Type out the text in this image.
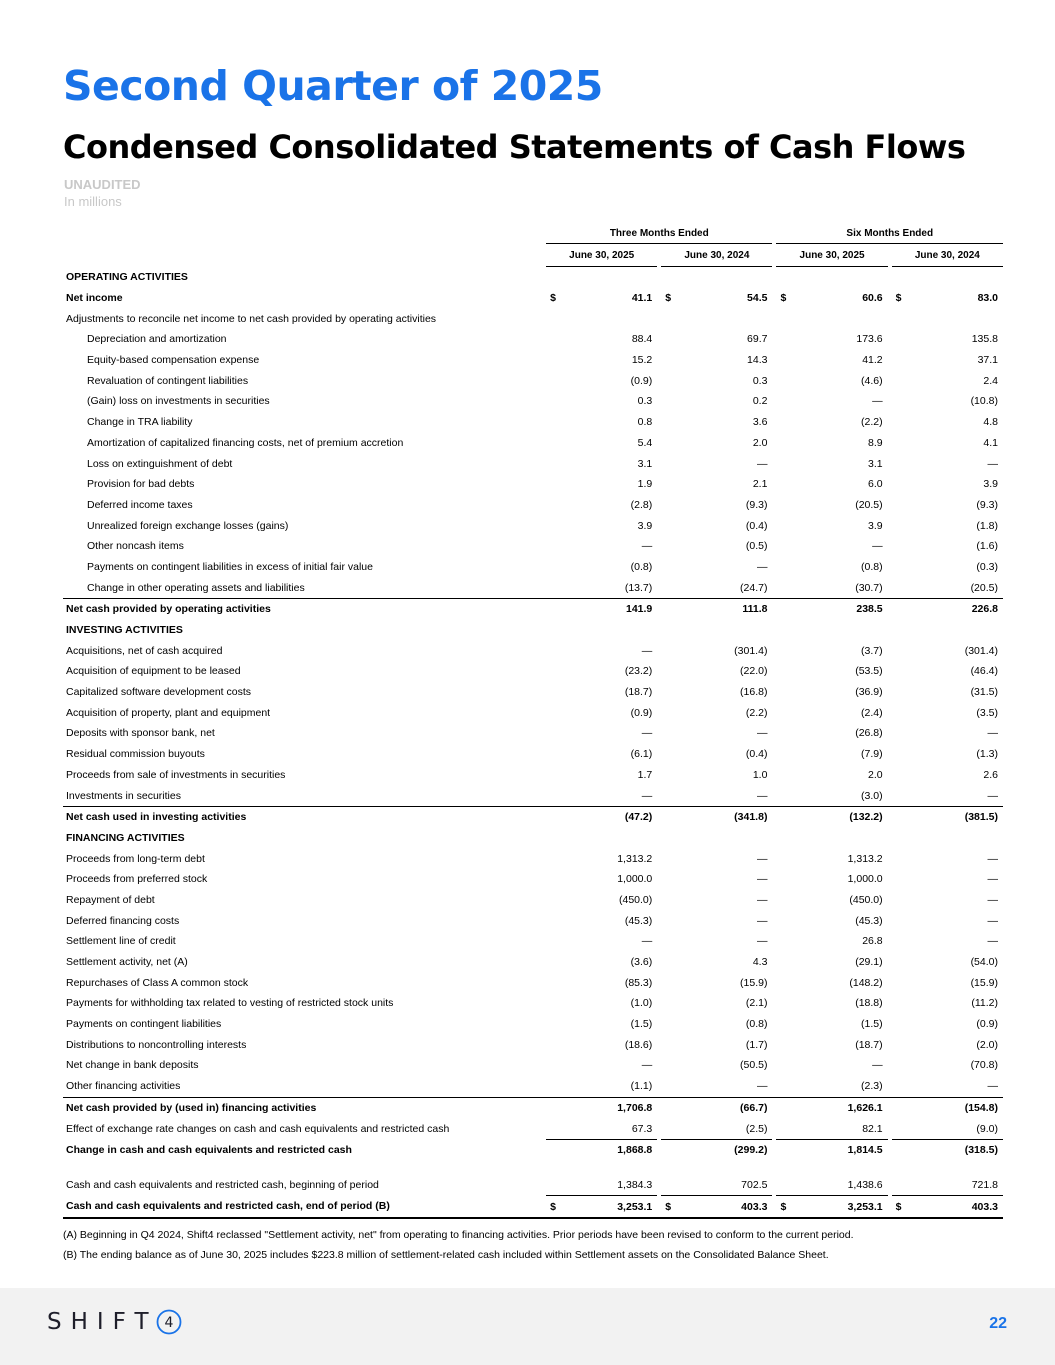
Second Quarter of 2025
Condensed Consolidated Statements of Cash Flows
UNAUDITED
In millions
		Three Months Ended						Six Months Ended				
		June 30, 2025			June 30, 2024			June 30, 2025			June 30, 2024	
OPERATING ACTIVITIES												
Net income		$	41.1		$	54.5		$	60.6		$	83.0
Adjustments to reconcile net income to net cash provided by operating activities												
Depreciation and amortization			88.4			69.7			173.6			135.8
Equity-based compensation expense			15.2			14.3			41.2			37.1
Revaluation of contingent liabilities			(0.9)			0.3			(4.6)			2.4
(Gain) loss on investments in securities			0.3			0.2			—			(10.8)
Change in TRA liability			0.8			3.6			(2.2)			4.8
Amortization of capitalized financing costs, net of premium accretion			5.4			2.0			8.9			4.1
Loss on extinguishment of debt			3.1			—			3.1			—
Provision for bad debts			1.9			2.1			6.0			3.9
Deferred income taxes			(2.8)			(9.3)			(20.5)			(9.3)
Unrealized foreign exchange losses (gains)			3.9			(0.4)			3.9			(1.8)
Other noncash items			—			(0.5)			—			(1.6)
Payments on contingent liabilities in excess of initial fair value			(0.8)			—			(0.8)			(0.3)
Change in other operating assets and liabilities			(13.7)			(24.7)			(30.7)			(20.5)
Net cash provided by operating activities			141.9			111.8			238.5			226.8
INVESTING ACTIVITIES												
Acquisitions, net of cash acquired			—			(301.4)			(3.7)			(301.4)
Acquisition of equipment to be leased			(23.2)			(22.0)			(53.5)			(46.4)
Capitalized software development costs			(18.7)			(16.8)			(36.9)			(31.5)
Acquisition of property, plant and equipment			(0.9)			(2.2)			(2.4)			(3.5)
Deposits with sponsor bank, net			—			—			(26.8)			—
Residual commission buyouts			(6.1)			(0.4)			(7.9)			(1.3)
Proceeds from sale of investments in securities			1.7			1.0			2.0			2.6
Investments in securities			—			—			(3.0)			—
Net cash used in investing activities			(47.2)			(341.8)			(132.2)			(381.5)
FINANCING ACTIVITIES												
Proceeds from long-term debt			1,313.2			—			1,313.2			—
Proceeds from preferred stock			1,000.0			—			1,000.0			—
Repayment of debt			(450.0)			—			(450.0)			—
Deferred financing costs			(45.3)			—			(45.3)			—
Settlement line of credit			—			—			26.8			—
Settlement activity, net (A)			(3.6)			4.3			(29.1)			(54.0)
Repurchases of Class A common stock			(85.3)			(15.9)			(148.2)			(15.9)
Payments for withholding tax related to vesting of restricted stock units			(1.0)			(2.1)			(18.8)			(11.2)
Payments on contingent liabilities			(1.5)			(0.8)			(1.5)			(0.9)
Distributions to noncontrolling interests			(18.6)			(1.7)			(18.7)			(2.0)
Net change in bank deposits			—			(50.5)			—			(70.8)
Other financing activities			(1.1)			—			(2.3)			—
Net cash provided by (used in) financing activities			1,706.8			(66.7)			1,626.1			(154.8)
Effect of exchange rate changes on cash and cash equivalents and restricted cash			67.3			(2.5)			82.1			(9.0)
Change in cash and cash equivalents and restricted cash			1,868.8			(299.2)			1,814.5			(318.5)

Cash and cash equivalents and restricted cash, beginning of period			1,384.3			702.5			1,438.6			721.8
Cash and cash equivalents and restricted cash, end of period (B)		$	3,253.1		$	403.3		$	3,253.1		$	403.3
(A) Beginning in Q4 2024, Shift4 reclassed "Settlement activity, net" from operating to financing activities. Prior periods have been revised to conform to the current period.
(B) The ending balance as of June 30, 2025 includes $223.8 million of settlement-related cash included within Settlement assets on the Consolidated Balance Sheet.
SHIFT 4	22
